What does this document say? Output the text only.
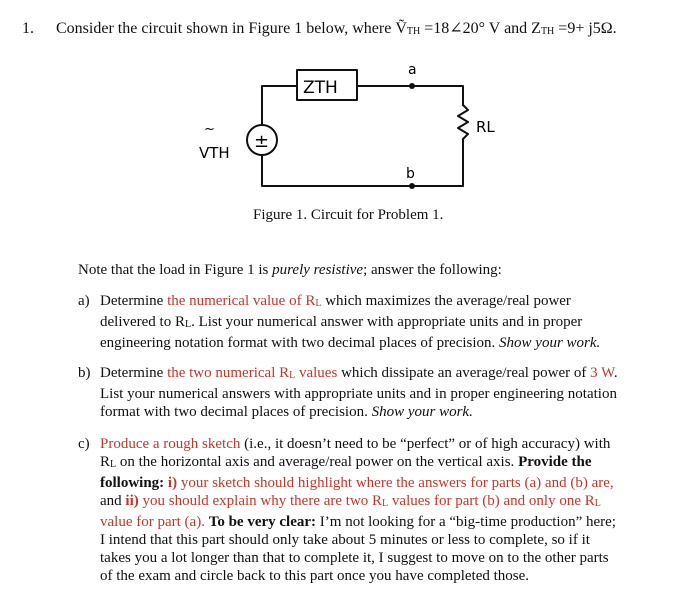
1. Consider the circuit shown in Figure 1 below, where ṼTH =18∠20° V and ZTH =9+ j5Ω.
ZTH
a
b
±
~
VTH
RL
Figure 1. Circuit for Problem 1.
Note that the load in Figure 1 is purely resistive; answer the following:
a) Determine the numerical value of RL which maximizes the average/real power
delivered to RL. List your numerical answer with appropriate units and in proper
engineering notation format with two decimal places of precision. Show your work.
b) Determine the two numerical RL values which dissipate an average/real power of 3 W.
List your numerical answers with appropriate units and in proper engineering notation
format with two decimal places of precision. Show your work.
c) Produce a rough sketch (i.e., it doesn’t need to be “perfect” or of high accuracy) with
RL on the horizontal axis and average/real power on the vertical axis. Provide the
following: i) your sketch should highlight where the answers for parts (a) and (b) are,
and ii) you should explain why there are two RL values for part (b) and only one RL
value for part (a). To be very clear: I’m not looking for a “big-time production” here;
I intend that this part should only take about 5 minutes or less to complete, so if it
takes you a lot longer than that to complete it, I suggest to move on to the other parts
of the exam and circle back to this part once you have completed those.
